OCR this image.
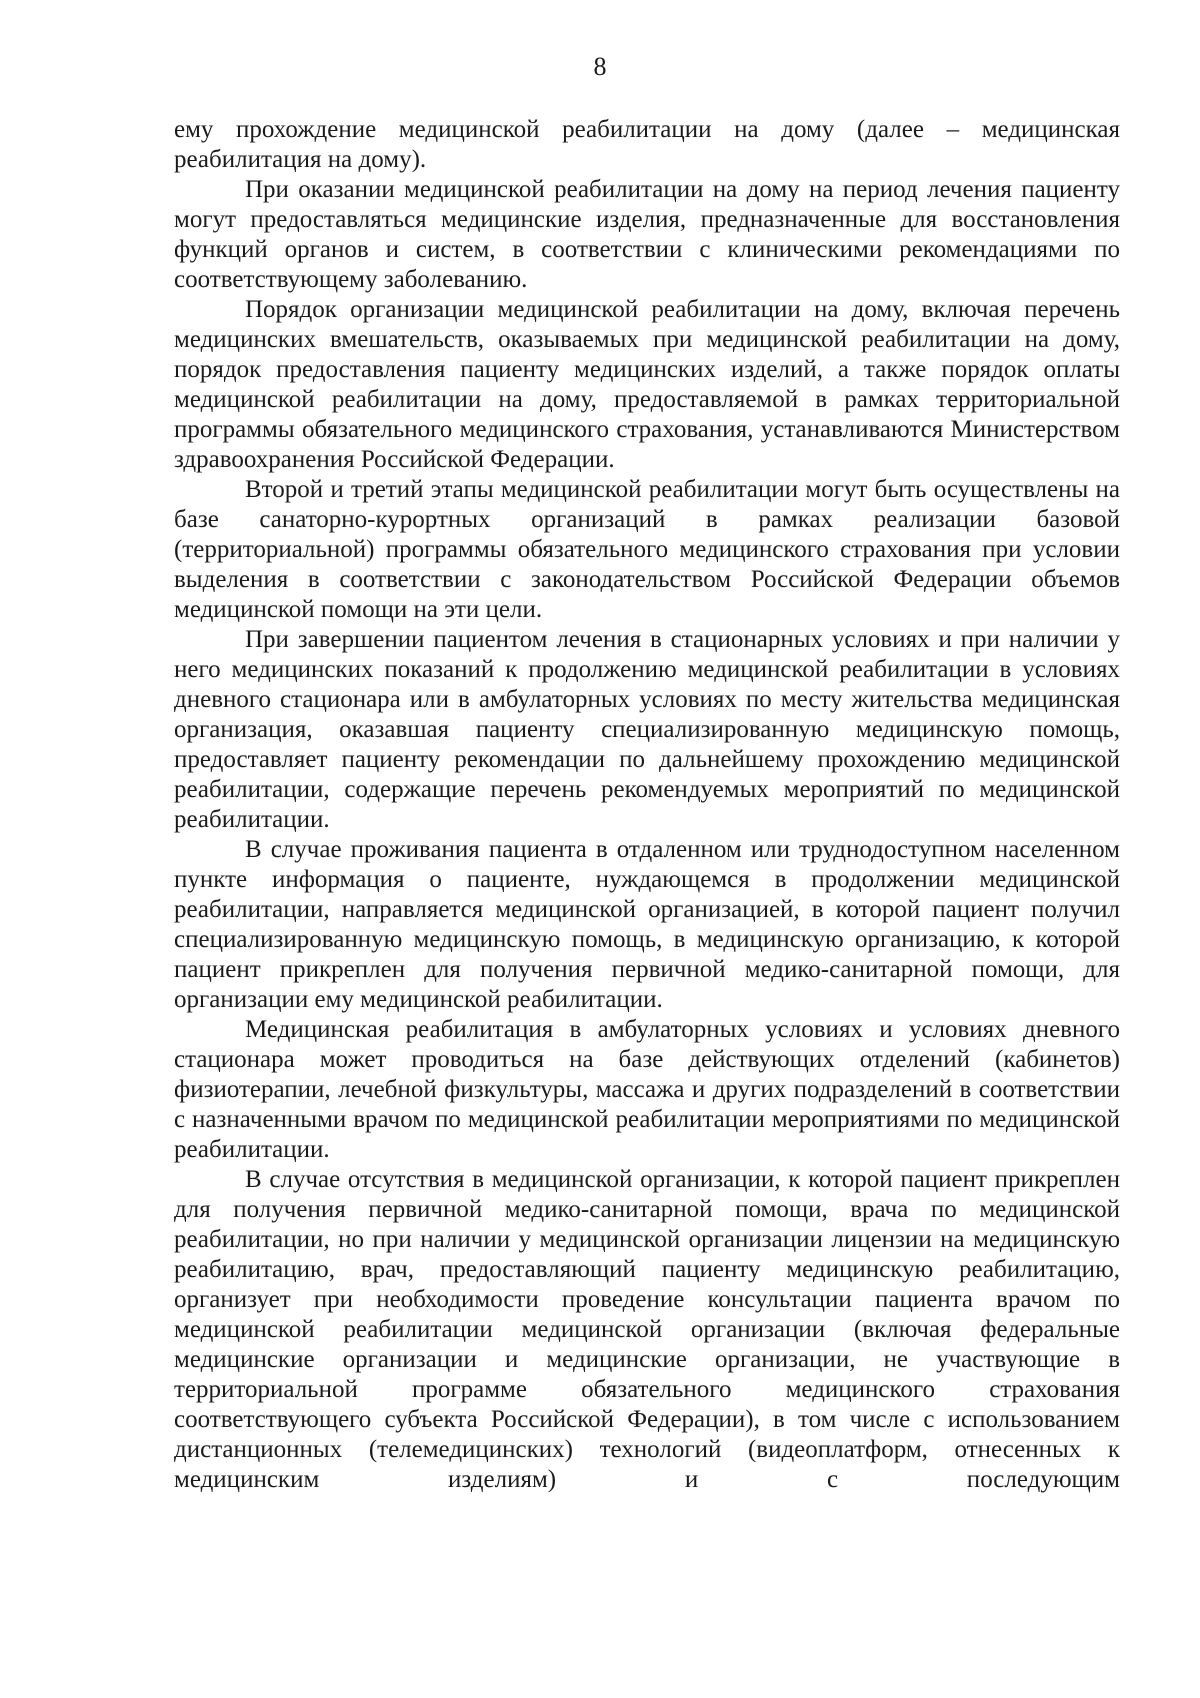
8

ему прохождение медицинской реабилитации на дому (далее – медицинская реабилитация на дому).

При оказании медицинской реабилитации на дому на период лечения пациенту могут предоставляться медицинские изделия, предназначенные для восстановления функций органов и систем, в соответствии с клиническими рекомендациями по соответствующему заболеванию.

Порядок организации медицинской реабилитации на дому, включая перечень медицинских вмешательств, оказываемых при медицинской реабилитации на дому, порядок предоставления пациенту медицинских изделий, а также порядок оплаты медицинской реабилитации на дому, предоставляемой в рамках территориальной программы обязательного медицинского страхования, устанавливаются Министерством здравоохранения Российской Федерации.

Второй и третий этапы медицинской реабилитации могут быть осуществлены на базе санаторно-курортных организаций в рамках реализации базовой (территориальной) программы обязательного медицинского страхования при условии выделения в соответствии с законодательством Российской Федерации объемов медицинской помощи на эти цели.

При завершении пациентом лечения в стационарных условиях и при наличии у него медицинских показаний к продолжению медицинской реабилитации в условиях дневного стационара или в амбулаторных условиях по месту жительства медицинская организация, оказавшая пациенту специализированную медицинскую помощь, предоставляет пациенту рекомендации по дальнейшему прохождению медицинской реабилитации, содержащие перечень рекомендуемых мероприятий по медицинской реабилитации.

В случае проживания пациента в отдаленном или труднодоступном населенном пункте информация о пациенте, нуждающемся в продолжении медицинской реабилитации, направляется медицинской организацией, в которой пациент получил специализированную медицинскую помощь, в медицинскую организацию, к которой пациент прикреплен для получения первичной медико-санитарной помощи, для организации ему медицинской реабилитации.

Медицинская реабилитация в амбулаторных условиях и условиях дневного стационара может проводиться на базе действующих отделений (кабинетов) физиотерапии, лечебной физкультуры, массажа и других подразделений в соответствии с назначенными врачом по медицинской реабилитации мероприятиями по медицинской реабилитации.

В случае отсутствия в медицинской организации, к которой пациент прикреплен для получения первичной медико-санитарной помощи, врача по медицинской реабилитации, но при наличии у медицинской организации лицензии на медицинскую реабилитацию, врач, предоставляющий пациенту медицинскую реабилитацию, организует при необходимости проведение консультации пациента врачом по медицинской реабилитации медицинской организации (включая федеральные медицинские организации и медицинские организации, не участвующие в территориальной программе обязательного медицинского страхования соответствующего субъекта Российской Федерации), в том числе с использованием дистанционных (телемедицинских) технологий (видеоплатформ, отнесенных к медицинским изделиям) и с последующим
